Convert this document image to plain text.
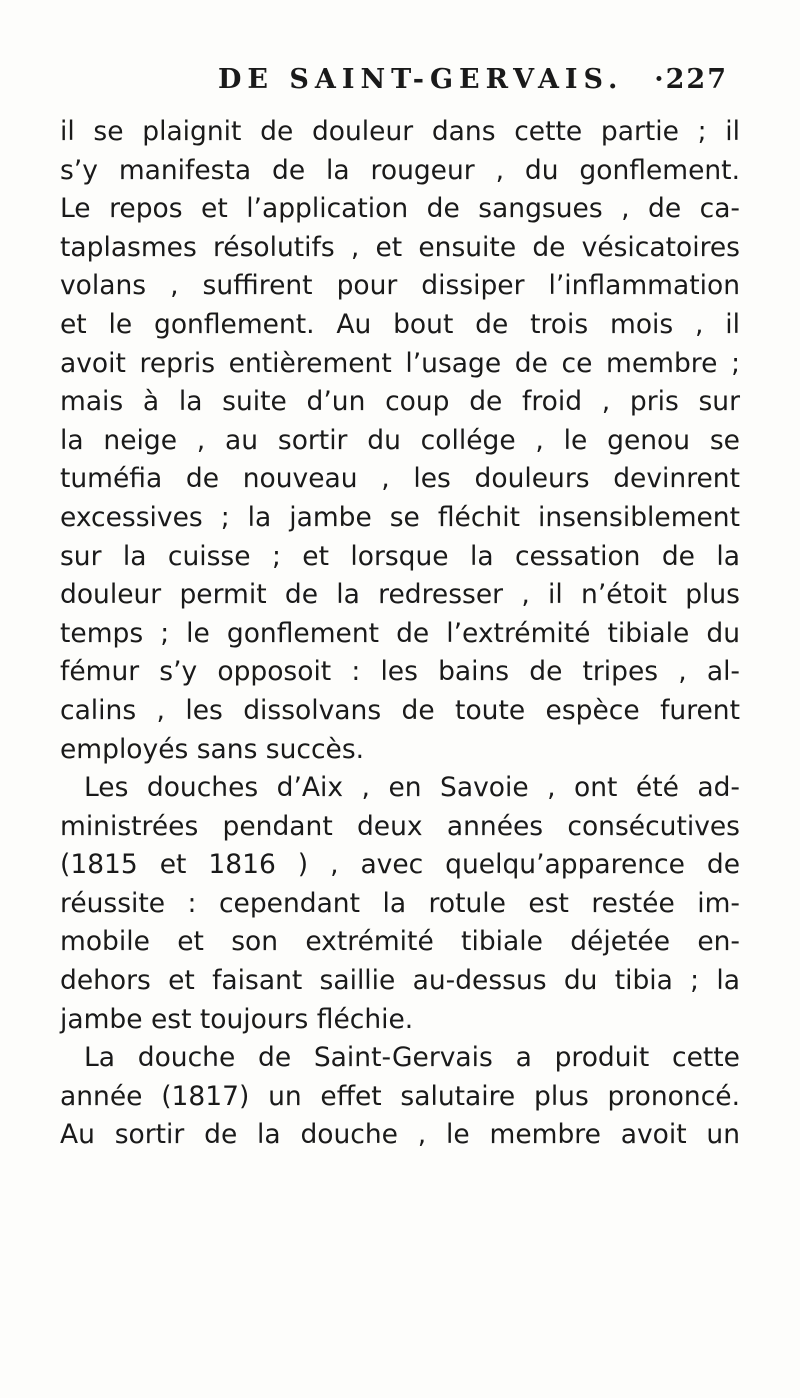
DE SAINT-GERVAIS. ·227
il se plaignit de douleur dans cette partie ; il
s’y manifesta de la rougeur , du gonflement.
Le repos et l’application de sangsues , de ca-
taplasmes résolutifs , et ensuite de vésicatoires
volans , suffirent pour dissiper l’inflammation
et le gonflement. Au bout de trois mois , il
avoit repris entièrement l’usage de ce membre ;
mais à la suite d’un coup de froid , pris sur
la neige , au sortir du collége , le genou se
tuméfia de nouveau , les douleurs devinrent
excessives ; la jambe se fléchit insensiblement
sur la cuisse ; et lorsque la cessation de la
douleur permit de la redresser , il n’étoit plus
temps ; le gonflement de l’extrémité tibiale du
fémur s’y opposoit : les bains de tripes , al-
calins , les dissolvans de toute espèce furent
employés sans succès.
Les douches d’Aix , en Savoie , ont été ad-
ministrées pendant deux années consécutives
(1815 et 1816 ) , avec quelqu’apparence de
réussite : cependant la rotule est restée im-
mobile et son extrémité tibiale déjetée en-
dehors et faisant saillie au-dessus du tibia ; la
jambe est toujours fléchie.
La douche de Saint-Gervais a produit cette
année (1817) un effet salutaire plus prononcé.
Au sortir de la douche , le membre avoit un
